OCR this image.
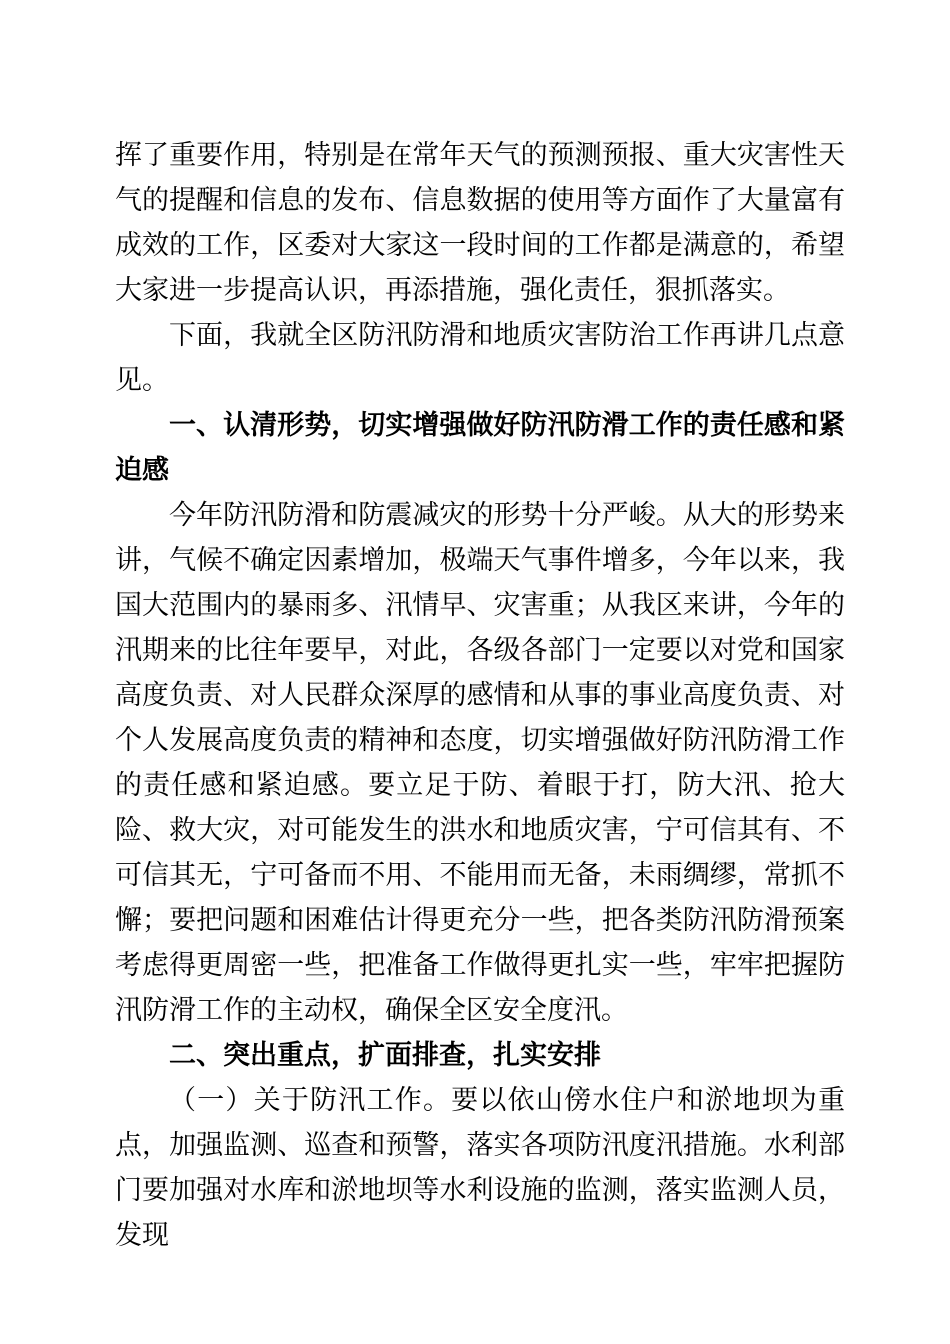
挥了重要作用，特别是在常年天气的预测预报、重大灾害性天气的提醒和信息的发布、信息数据的使用等方面作了大量富有成效的工作，区委对大家这一段时间的工作都是满意的，希望大家进一步提高认识，再添措施，强化责任，狠抓落实。

下面，我就全区防汛防滑和地质灾害防治工作再讲几点意见。

一、认清形势，切实增强做好防汛防滑工作的责任感和紧迫感

今年防汛防滑和防震减灾的形势十分严峻。从大的形势来讲，气候不确定因素增加，极端天气事件增多，今年以来，我国大范围内的暴雨多、汛情早、灾害重；从我区来讲，今年的汛期来的比往年要早，对此，各级各部门一定要以对党和国家高度负责、对人民群众深厚的感情和从事的事业高度负责、对个人发展高度负责的精神和态度，切实增强做好防汛防滑工作的责任感和紧迫感。要立足于防、着眼于打，防大汛、抢大险、救大灾，对可能发生的洪水和地质灾害，宁可信其有、不可信其无，宁可备而不用、不能用而无备，未雨绸缪，常抓不懈；要把问题和困难估计得更充分一些，把各类防汛防滑预案考虑得更周密一些，把准备工作做得更扎实一些，牢牢把握防汛防滑工作的主动权，确保全区安全度汛。

二、突出重点，扩面排查，扎实安排

（一）关于防汛工作。要以依山傍水住户和淤地坝为重点，加强监测、巡查和预警，落实各项防汛度汛措施。水利部门要加强对水库和淤地坝等水利设施的监测，落实监测人员，发现
